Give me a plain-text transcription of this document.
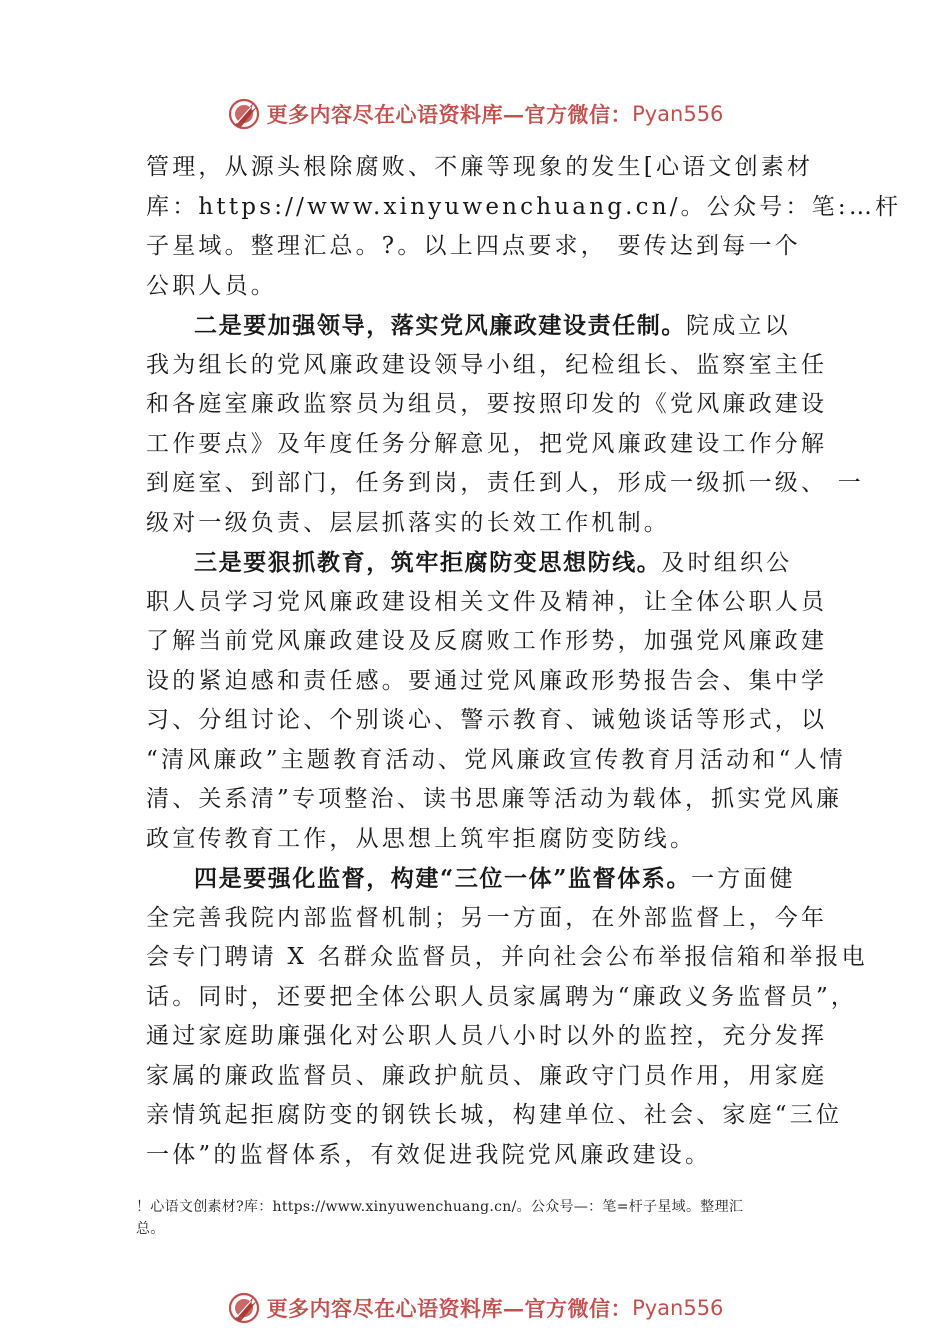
更多内容尽在心语资料库—官方微信： Pyan556
管理，从源头根除腐败、不廉等现象的发生[心语文创素材
库：https://www.xinyuwenchuang.cn/。公众号：笔:…杆
子星域。整理汇总。?。以上四点要求， 要传达到每一个
公职人员。
二是要加强领导，落实党风廉政建设责任制。院成立以
我为组长的党风廉政建设领导小组，纪检组长、监察室主任
和各庭室廉政监察员为组员，要按照印发的《党风廉政建设
工作要点》及年度任务分解意见，把党风廉政建设工作分解
到庭室、到部门，任务到岗，责任到人，形成一级抓一级、 一
级对一级负责、层层抓落实的长效工作机制。
三是要狠抓教育，筑牢拒腐防变思想防线。及时组织公
职人员学习党风廉政建设相关文件及精神，让全体公职人员
了解当前党风廉政建设及反腐败工作形势，加强党风廉政建
设的紧迫感和责任感。要通过党风廉政形势报告会、集中学
习、分组讨论、个别谈心、警示教育、诫勉谈话等形式，以
“清风廉政”主题教育活动、党风廉政宣传教育月活动和“人情
清、关系清”专项整治、读书思廉等活动为载体，抓实党风廉
政宣传教育工作，从思想上筑牢拒腐防变防线。
四是要强化监督，构建“三位一体”监督体系。一方面健
全完善我院内部监督机制；另一方面，在外部监督上，今年
会专门聘请 X 名群众监督员，并向社会公布举报信箱和举报电
话。同时，还要把全体公职人员家属聘为“廉政义务监督员”，
通过家庭助廉强化对公职人员八小时以外的监控，充分发挥
家属的廉政监督员、廉政护航员、廉政守门员作用，用家庭
亲情筑起拒腐防变的钢铁长城，构建单位、社会、家庭“三位
一体”的监督体系，有效促进我院党风廉政建设。
！心语文创素材?库：https://www.xinyuwenchuang.cn/。公众号—：笔=杆子星域。整理汇
总。
更多内容尽在心语资料库—官方微信： Pyan556
